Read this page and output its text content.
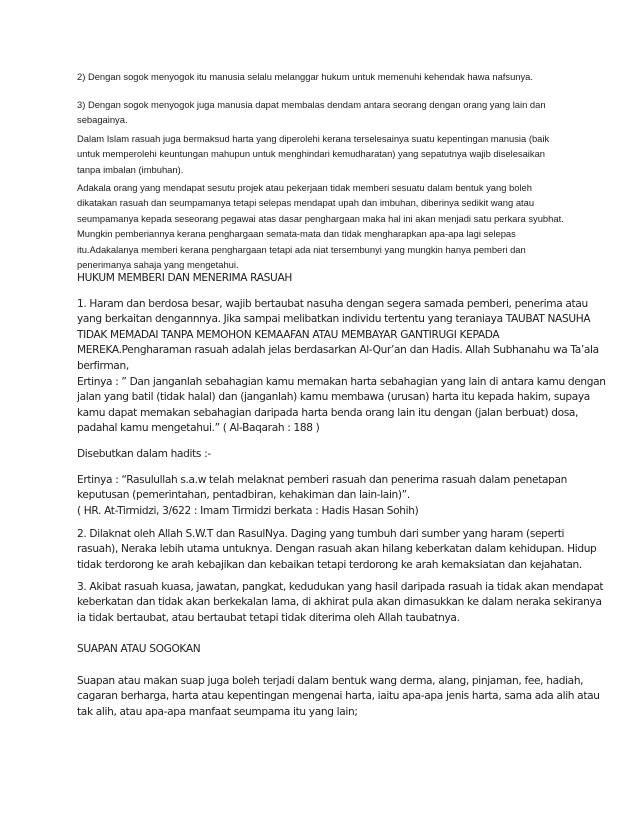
2) Dengan sogok menyogok itu manusia selalu melanggar hukum untuk memenuhi kehendak hawa nafsunya.

3) Dengan sogok menyogok juga manusia dapat membalas dendam antara seorang dengan orang yang lain dan
sebagainya.

Dalam Islam rasuah juga bermaksud harta yang diperolehi kerana terselesainya suatu kepentingan manusia (baik
untuk memperolehi keuntungan mahupun untuk menghindari kemudharatan) yang sepatutnya wajib diselesaikan
tanpa imbalan (imbuhan).

Adakala orang yang mendapat sesutu projek atau pekerjaan tidak memberi sesuatu dalam bentuk yang boleh
dikatakan rasuah dan seumpamanya tetapi selepas mendapat upah dan imbuhan, diberinya sedikit wang atau
seumpamanya kepada seseorang pegawai atas dasar penghargaan maka hal ini akan menjadi satu perkara syubhat.
Mungkin pemberiannya kerana penghargaan semata-mata dan tidak mengharapkan apa-apa lagi selepas
itu.Adakalanya memberi kerana penghargaan tetapi ada niat tersembunyi yang mungkin hanya pemberi dan
penerimanya sahaja yang mengetahui.

HUKUM MEMBERI DAN MENERIMA RASUAH

1. Haram dan berdosa besar, wajib bertaubat nasuha dengan segera samada pemberi, penerima atau
yang berkaitan dengannnya. Jika sampai melibatkan individu tertentu yang teraniaya TAUBAT NASUHA
TIDAK MEMADAI TANPA MEMOHON KEMAAFAN ATAU MEMBAYAR GANTIRUGI KEPADA
MEREKA.Pengharaman rasuah adalah jelas berdasarkan Al-Qur’an dan Hadis. Allah Subhanahu wa Ta’ala
berfirman,

Ertinya : ” Dan janganlah sebahagian kamu memakan harta sebahagian yang lain di antara kamu dengan
jalan yang batil (tidak halal) dan (janganlah) kamu membawa (urusan) harta itu kepada hakim, supaya
kamu dapat memakan sebahagian daripada harta benda orang lain itu dengan (jalan berbuat) dosa,
padahal kamu mengetahui.” ( Al-Baqarah : 188 )

Disebutkan dalam hadits :-

Ertinya : “Rasulullah s.a.w telah melaknat pemberi rasuah dan penerima rasuah dalam penetapan
keputusan (pemerintahan, pentadbiran, kehakiman dan lain-lain)”.
( HR. At-Tirmidzi, 3/622 : Imam Tirmidzi berkata : Hadis Hasan Sohih)

2. Dilaknat oleh Allah S.W.T dan RasulNya. Daging yang tumbuh dari sumber yang haram (seperti
rasuah), Neraka lebih utama untuknya. Dengan rasuah akan hilang keberkatan dalam kehidupan. Hidup
tidak terdorong ke arah kebajikan dan kebaikan tetapi terdorong ke arah kemaksiatan dan kejahatan.

3. Akibat rasuah kuasa, jawatan, pangkat, kedudukan yang hasil daripada rasuah ia tidak akan mendapat
keberkatan dan tidak akan berkekalan lama, di akhirat pula akan dimasukkan ke dalam neraka sekiranya
ia tidak bertaubat, atau bertaubat tetapi tidak diterima oleh Allah taubatnya.

SUAPAN ATAU SOGOKAN

Suapan atau makan suap juga boleh terjadi dalam bentuk wang derma, alang, pinjaman, fee, hadiah,
cagaran berharga, harta atau kepentingan mengenai harta, iaitu apa-apa jenis harta, sama ada alih atau
tak alih, atau apa-apa manfaat seumpama itu yang lain;
